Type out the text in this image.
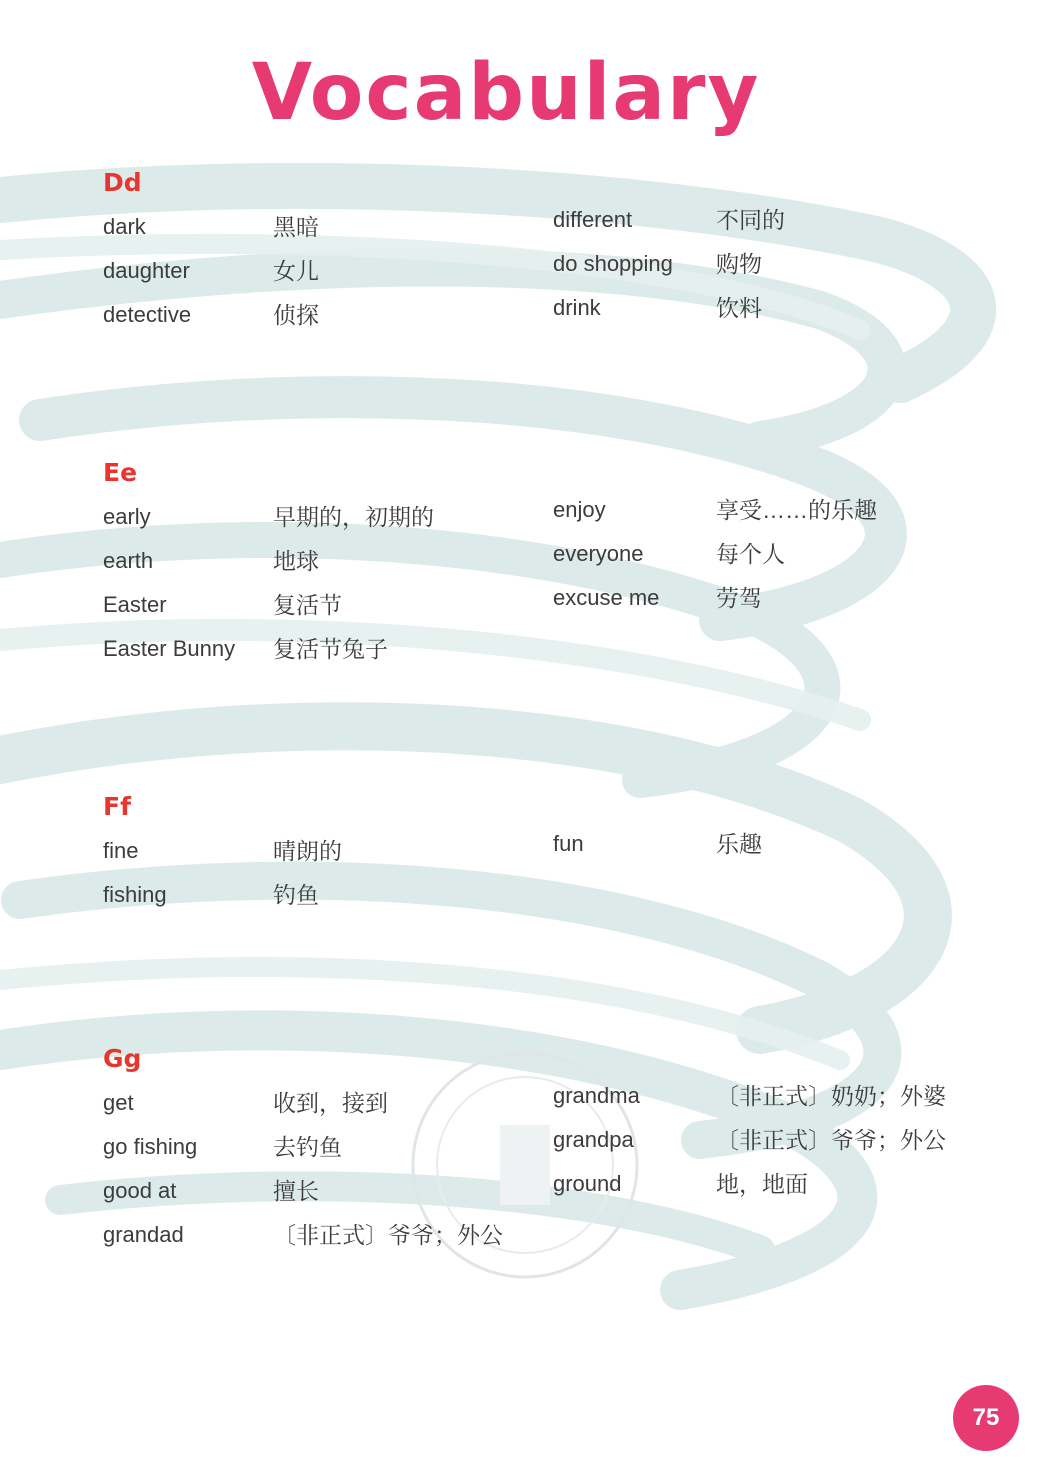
Vocabulary
Dd
dark	黑暗
daughter	女儿
detective	侦探
different	不同的
do shopping 购物
drink	饮料
Ee
early	早期的，初期的
earth	地球
Easter	复活节
Easter Bunny 复活节兔子
enjoy	享受……的乐趣
everyone	每个人
excuse me 劳驾
Ff
fine	晴朗的
fishing	钓鱼
fun	乐趣
Gg
get	收到，接到
go fishing	去钓鱼
good at	擅长
grandad	〔非正式〕爷爷；外公
grandma	〔非正式〕奶奶；外婆
grandpa	〔非正式〕爷爷；外公
ground	地，地面
75
